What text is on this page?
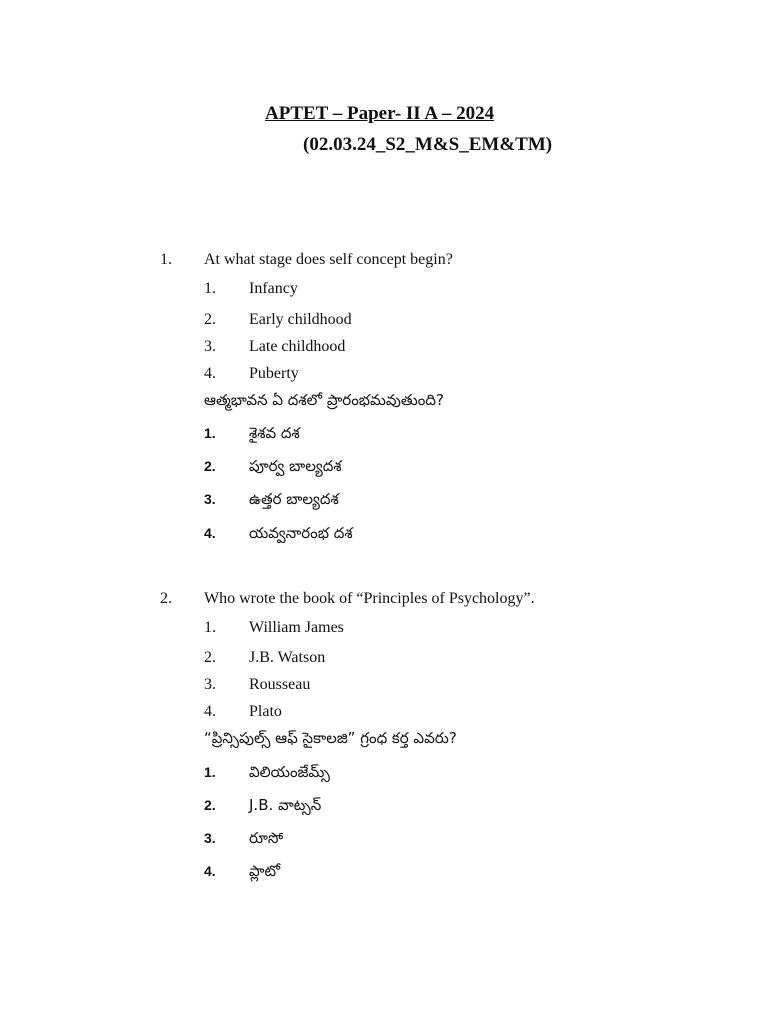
APTET – Paper- II A – 2024
(02.03.24_S2_M&S_EM&TM)
1. At what stage does self concept begin?
1. Infancy
2. Early childhood
3. Late childhood
4. Puberty
ఆత్మభావన ఏ దశలో ప్రారంభమవుతుంది?
1. శైశవ దశ
2. పూర్వ బాల్యదశ
3. ఉత్తర బాల్యదశ
4. యవ్వనారంభ దశ
2. Who wrote the book of “Principles of Psychology”.
1. William James
2. J.B. Watson
3. Rousseau
4. Plato
“ప్రిన్సిపుల్స్ ఆఫ్ సైకాలజి” గ్రంధ కర్త ఎవరు?
1. విలియంజేమ్స్
2. J.B. వాట్సన్
3. రూసో
4. ప్లాటో
